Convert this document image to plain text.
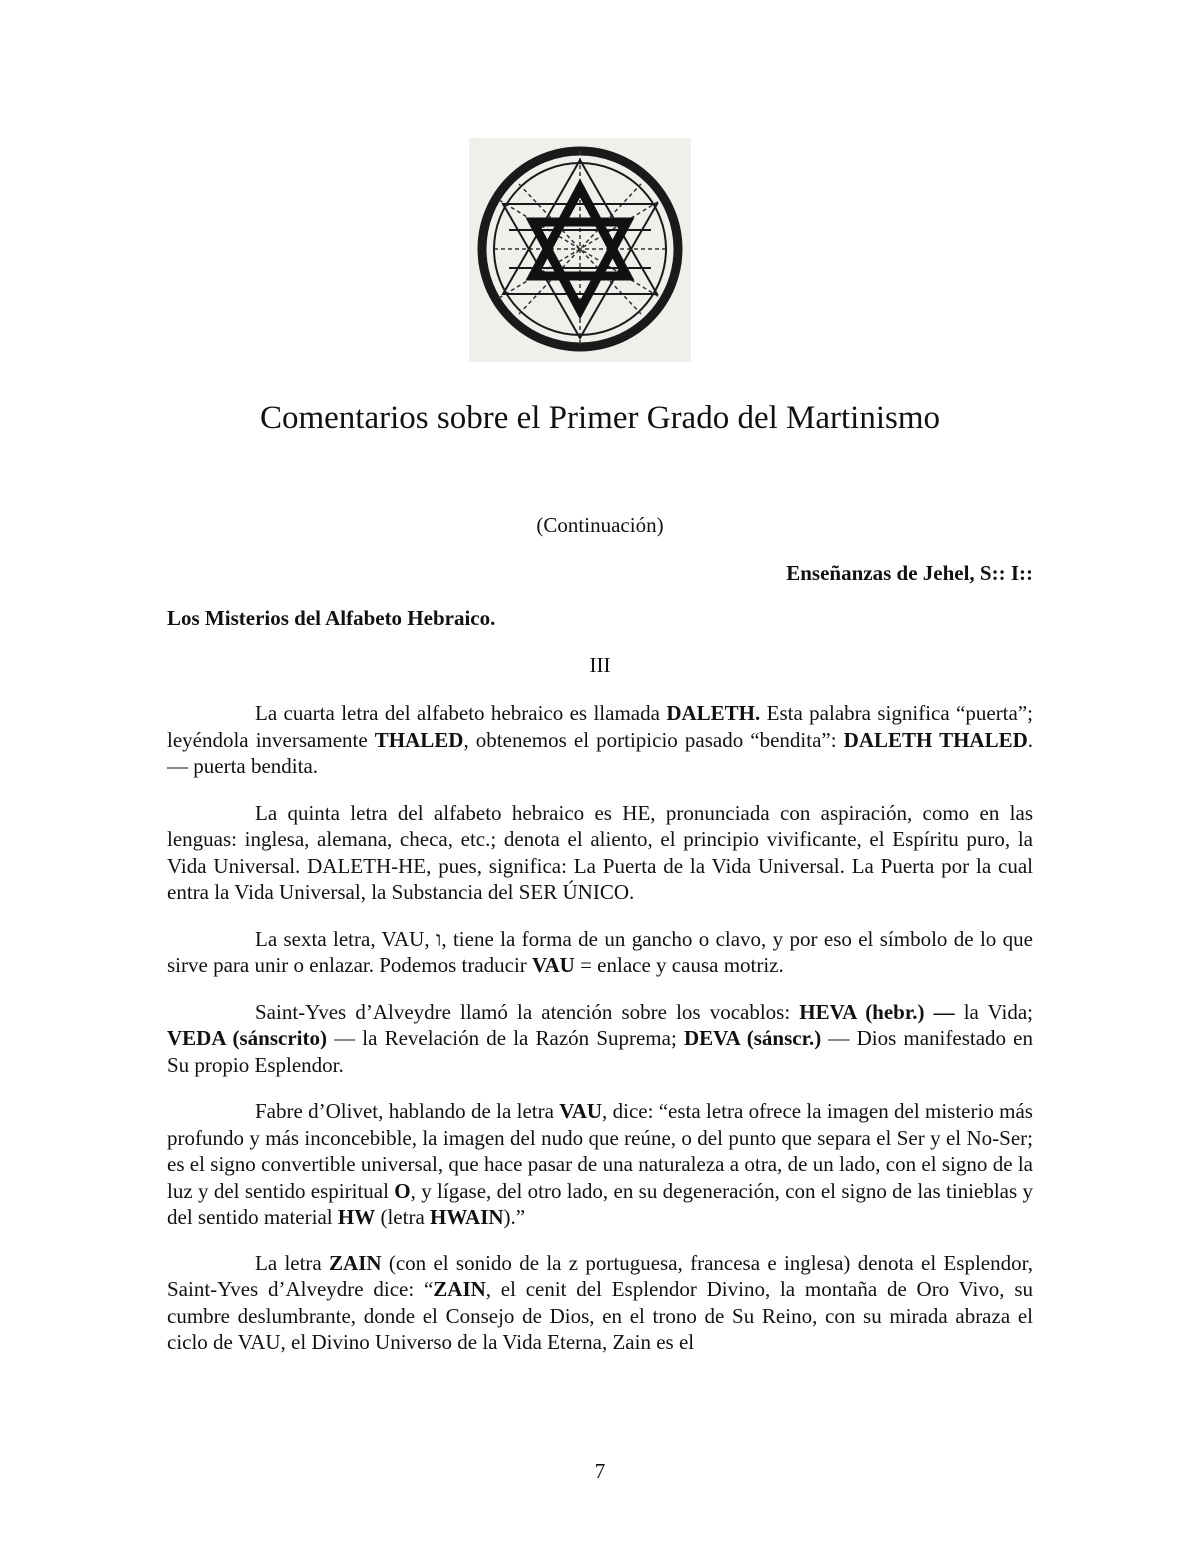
Comentarios sobre el Primer Grado del Martinismo

(Continuación)

Enseñanzas de Jehel, S:: I::

Los Misterios del Alfabeto Hebraico.

III

La cuarta letra del alfabeto hebraico es llamada DALETH. Esta palabra significa “puerta”; leyéndola inversamente THALED, obtenemos el portipicio pasado “bendita”: DALETH THALED.— puerta bendita.

La quinta letra del alfabeto hebraico es HE, pronunciada con aspiración, como en las lenguas: inglesa, alemana, checa, etc.; denota el aliento, el principio vivificante, el Espíritu puro, la Vida Universal. DALETH-HE, pues, significa: La Puerta de la Vida Universal. La Puerta por la cual entra la Vida Universal, la Substancia del SER ÚNICO.

La sexta letra, VAU, ו, tiene la forma de un gancho o clavo, y por eso el símbolo de lo que sirve para unir o enlazar. Podemos traducir VAU = enlace y causa motriz.

Saint-Yves d’Alveydre llamó la atención sobre los vocablos: HEVA (hebr.) — la Vida; VEDA (sánscrito) — la Revelación de la Razón Suprema; DEVA (sánscr.) — Dios manifestado en Su propio Esplendor.

Fabre d’Olivet, hablando de la letra VAU, dice: “esta letra ofrece la imagen del misterio más profundo y más inconcebible, la imagen del nudo que reúne, o del punto que separa el Ser y el No-Ser; es el signo convertible universal, que hace pasar de una naturaleza a otra, de un lado, con el signo de la luz y del sentido espiritual O, y lígase, del otro lado, en su degeneración, con el signo de las tinieblas y del sentido material HW (letra HWAIN).”

La letra ZAIN (con el sonido de la z portuguesa, francesa e inglesa) denota el Esplendor, Saint-Yves d’Alveydre dice: “ZAIN, el cenit del Esplendor Divino, la montaña de Oro Vivo, su cumbre deslumbrante, donde el Consejo de Dios, en el trono de Su Reino, con su mirada abraza el ciclo de VAU, el Divino Universo de la Vida Eterna, Zain es el

7
